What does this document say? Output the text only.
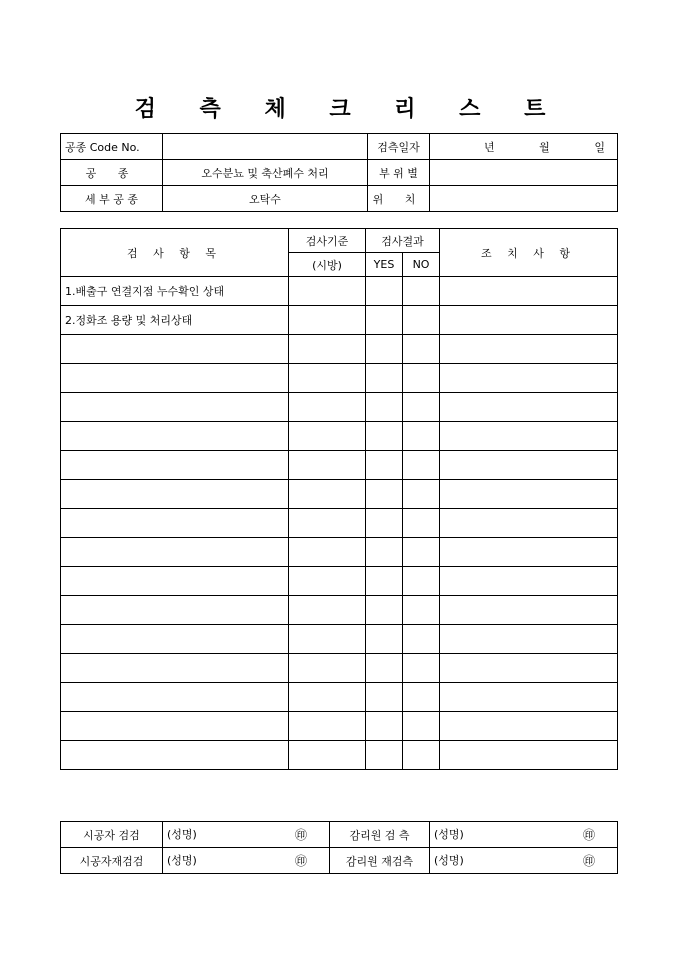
검 측 체 크 리 스 트
공종 Code No.		검측일자	년 월 일

공 종	오수분뇨 및 축산폐수 처리	부 위 별	
세 부 공 종	오탁수	위 치	
검 사 항 목	검사기준	검사결과		조 치 사 항
	(시방)	YES	NO	
1.배출구 연결지점 누수확인 상태				
2.정화조 용량 및 처리상태				

시공자 검검	(성명) ㊞	감리원 검 측	(성명) ㊞

시공자재검검	(성명) ㊞	감리원 재검측	(성명) ㊞
